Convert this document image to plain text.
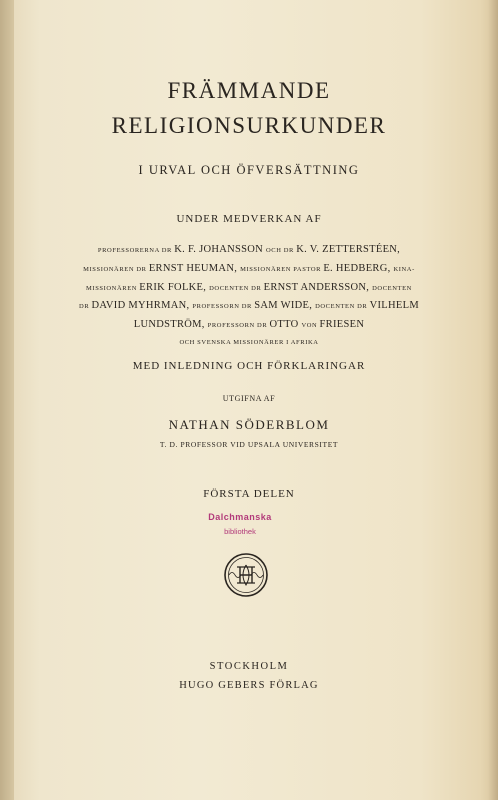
FRÄMMANDE
RELIGIONSURKUNDER
I URVAL OCH ÖFVERSÄTTNING
UNDER MEDVERKAN AF
PROFESSORERNA DR K. F. JOHANSSON OCH DR K. V. ZETTERSTÉEN,
MISSIONÄREN DR ERNST HEUMAN, MISSIONÄREN PASTOR E. HEDBERG, KINA-
MISSIONÄREN ERIK FOLKE, DOCENTEN DR ERNST ANDERSSON, DOCENTEN
DR DAVID MYHRMAN, PROFESSORN DR SAM WIDE, DOCENTEN DR VILHELM
LUNDSTRÖM, PROFESSORN DR OTTO VON FRIESEN
OCH SVENSKA MISSIONÄRER I AFRIKA
MED INLEDNING OCH FÖRKLARINGAR
UTGIFNA AF
NATHAN SÖDERBLOM
T. D. PROFESSOR VID UPSALA UNIVERSITET
FÖRSTA DELEN
Dalchmanska
bibliothek
STOCKHOLM
HUGO GEBERS FÖRLAG
